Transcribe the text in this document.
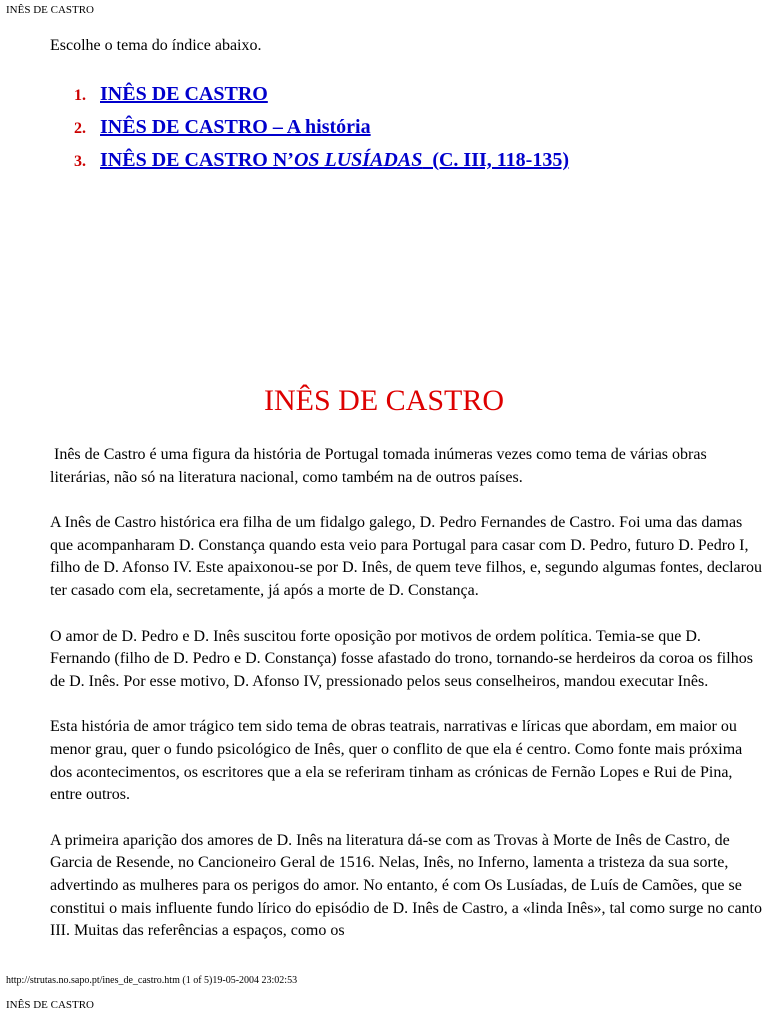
INÊS DE CASTRO
Escolhe o tema do índice abaixo.
1. INÊS DE CASTRO
2. INÊS DE CASTRO – A história
3. INÊS DE CASTRO N’OS LUSÍADAS  (C. III, 118-135)
INÊS DE CASTRO

Inês de Castro é uma figura da história de Portugal tomada inúmeras vezes como tema de várias obras literárias, não só na literatura nacional, como também na de outros países.

A Inês de Castro histórica era filha de um fidalgo galego, D. Pedro Fernandes de Castro. Foi uma das damas que acompanharam D. Constança quando esta veio para Portugal para casar com D. Pedro, futuro D. Pedro I, filho de D. Afonso IV. Este apaixonou-se por D. Inês, de quem teve filhos, e, segundo algumas fontes, declarou ter casado com ela, secretamente, já após a morte de D. Constança.

O amor de D. Pedro e D. Inês suscitou forte oposição por motivos de ordem política. Temia-se que D. Fernando (filho de D. Pedro e D. Constança) fosse afastado do trono, tornando-se herdeiros da coroa os filhos de D. Inês. Por esse motivo, D. Afonso IV, pressionado pelos seus conselheiros, mandou executar Inês.

Esta história de amor trágico tem sido tema de obras teatrais, narrativas e líricas que abordam, em maior ou menor grau, quer o fundo psicológico de Inês, quer o conflito de que ela é centro. Como fonte mais próxima dos acontecimentos, os escritores que a ela se referiram tinham as crónicas de Fernão Lopes e Rui de Pina, entre outros.

A primeira aparição dos amores de D. Inês na literatura dá-se com as Trovas à Morte de Inês de Castro, de Garcia de Resende, no Cancioneiro Geral de 1516. Nelas, Inês, no Inferno, lamenta a tristeza da sua sorte, advertindo as mulheres para os perigos do amor. No entanto, é com Os Lusíadas, de Luís de Camões, que se constitui o mais influente fundo lírico do episódio de D. Inês de Castro, a «linda Inês», tal como surge no canto III. Muitas das referências a espaços, como os

http://strutas.no.sapo.pt/ines_de_castro.htm (1 of 5)19-05-2004 23:02:53
INÊS DE CASTRO
